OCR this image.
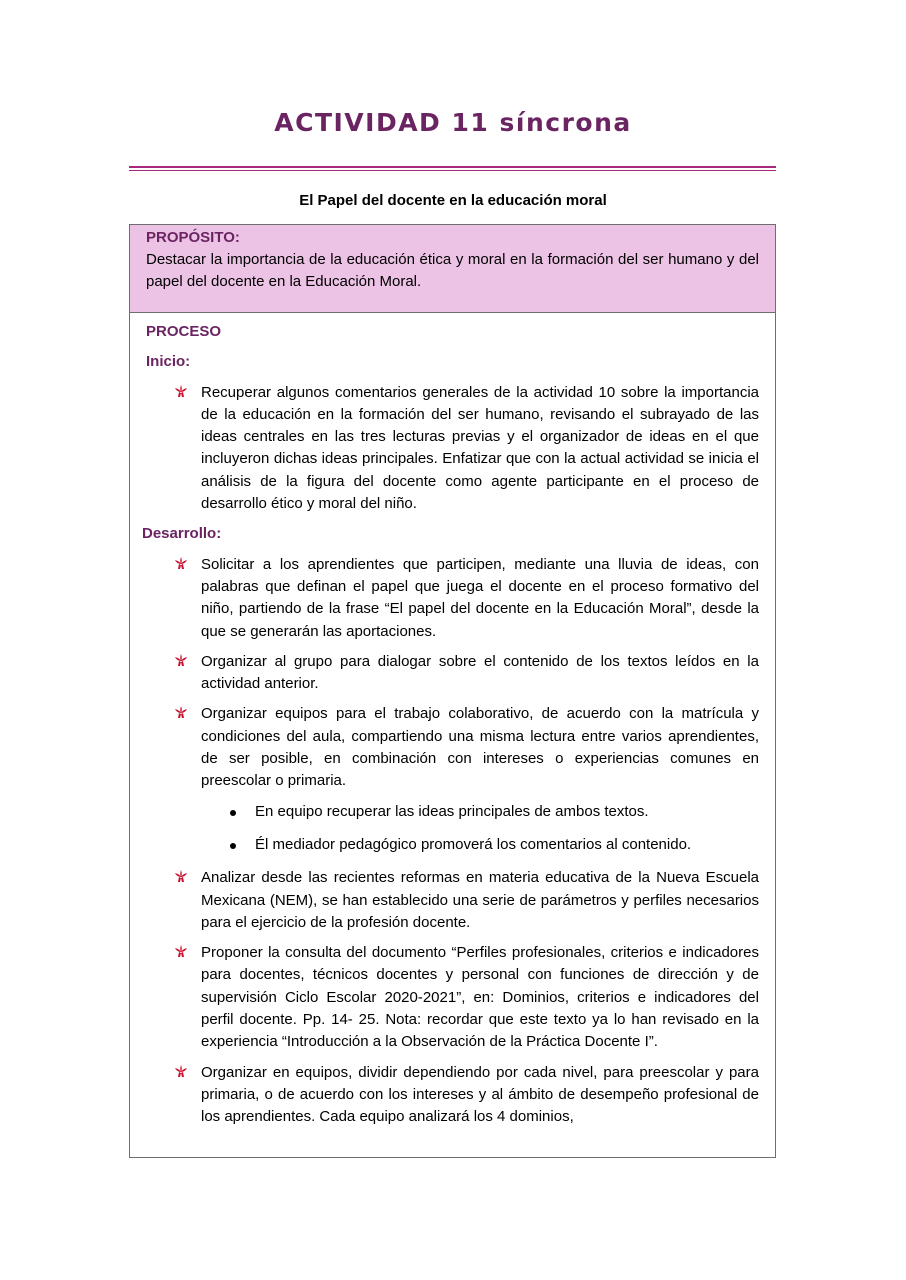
ACTIVIDAD 11 síncrona
El Papel del docente en la educación moral
PROPÓSITO:
Destacar la importancia de la educación ética y moral en la formación del ser humano y del papel del docente en la Educación Moral.
PROCESO
Inicio:
Recuperar algunos comentarios generales de la actividad 10 sobre la importancia de la educación en la formación del ser humano, revisando el subrayado de las ideas centrales en las tres lecturas previas y el organizador de ideas en el que incluyeron dichas ideas principales. Enfatizar que con la actual actividad se inicia el análisis de la figura del docente como agente participante en el proceso de desarrollo ético y moral del niño.
Desarrollo:
Solicitar a los aprendientes que participen, mediante una lluvia de ideas, con palabras que definan el papel que juega el docente en el proceso formativo del niño, partiendo de la frase “El papel del docente en la Educación Moral”, desde la que se generarán las aportaciones.
Organizar al grupo para dialogar sobre el contenido de los textos leídos en la actividad anterior.
Organizar equipos para el trabajo colaborativo, de acuerdo con la matrícula y condiciones del aula, compartiendo una misma lectura entre varios aprendientes, de ser posible, en combinación con intereses o experiencias comunes en preescolar o primaria.
En equipo recuperar las ideas principales de ambos textos.
Él mediador pedagógico promoverá los comentarios al contenido.
Analizar desde las recientes reformas en materia educativa de la Nueva Escuela Mexicana (NEM), se han establecido una serie de parámetros y perfiles necesarios para el ejercicio de la profesión docente.
Proponer la consulta del documento “Perfiles profesionales, criterios e indicadores para docentes, técnicos docentes y personal con funciones de dirección y de supervisión Ciclo Escolar 2020-2021”, en: Dominios, criterios e indicadores del perfil docente. Pp. 14- 25. Nota: recordar que este texto ya lo han revisado en la experiencia “Introducción a la Observación de la Práctica Docente I”.
Organizar en equipos, dividir dependiendo por cada nivel, para preescolar y para primaria, o de acuerdo con los intereses y al ámbito de desempeño profesional de los aprendientes. Cada equipo analizará los 4 dominios,
